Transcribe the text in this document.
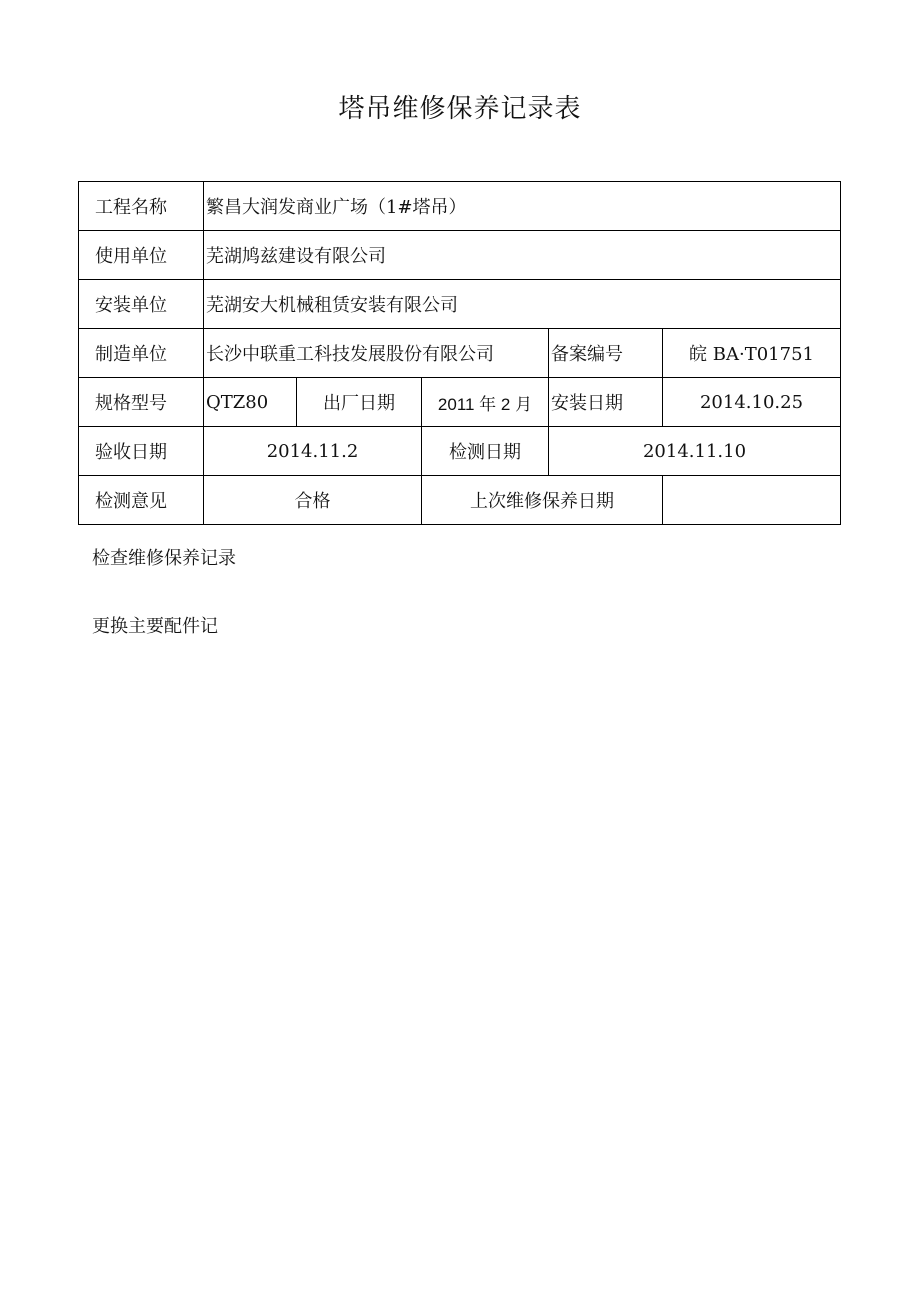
塔吊维修保养记录表
工程名称	繁昌大润发商业广场（1#塔吊）				
使用单位	芜湖鸠兹建设有限公司				
安装单位	芜湖安大机械租赁安装有限公司				
制造单位	长沙中联重工科技发展股份有限公司			备案编号	皖 BA·T01751
规格型号	QTZ80	出厂日期	2011 年 2 月	安装日期	2014.10.25
验收日期	2014.11.2		检测日期	2014.11.10	
检测意见	合格		上次维修保养日期		
检查维修保养记录
更换主要配件记
